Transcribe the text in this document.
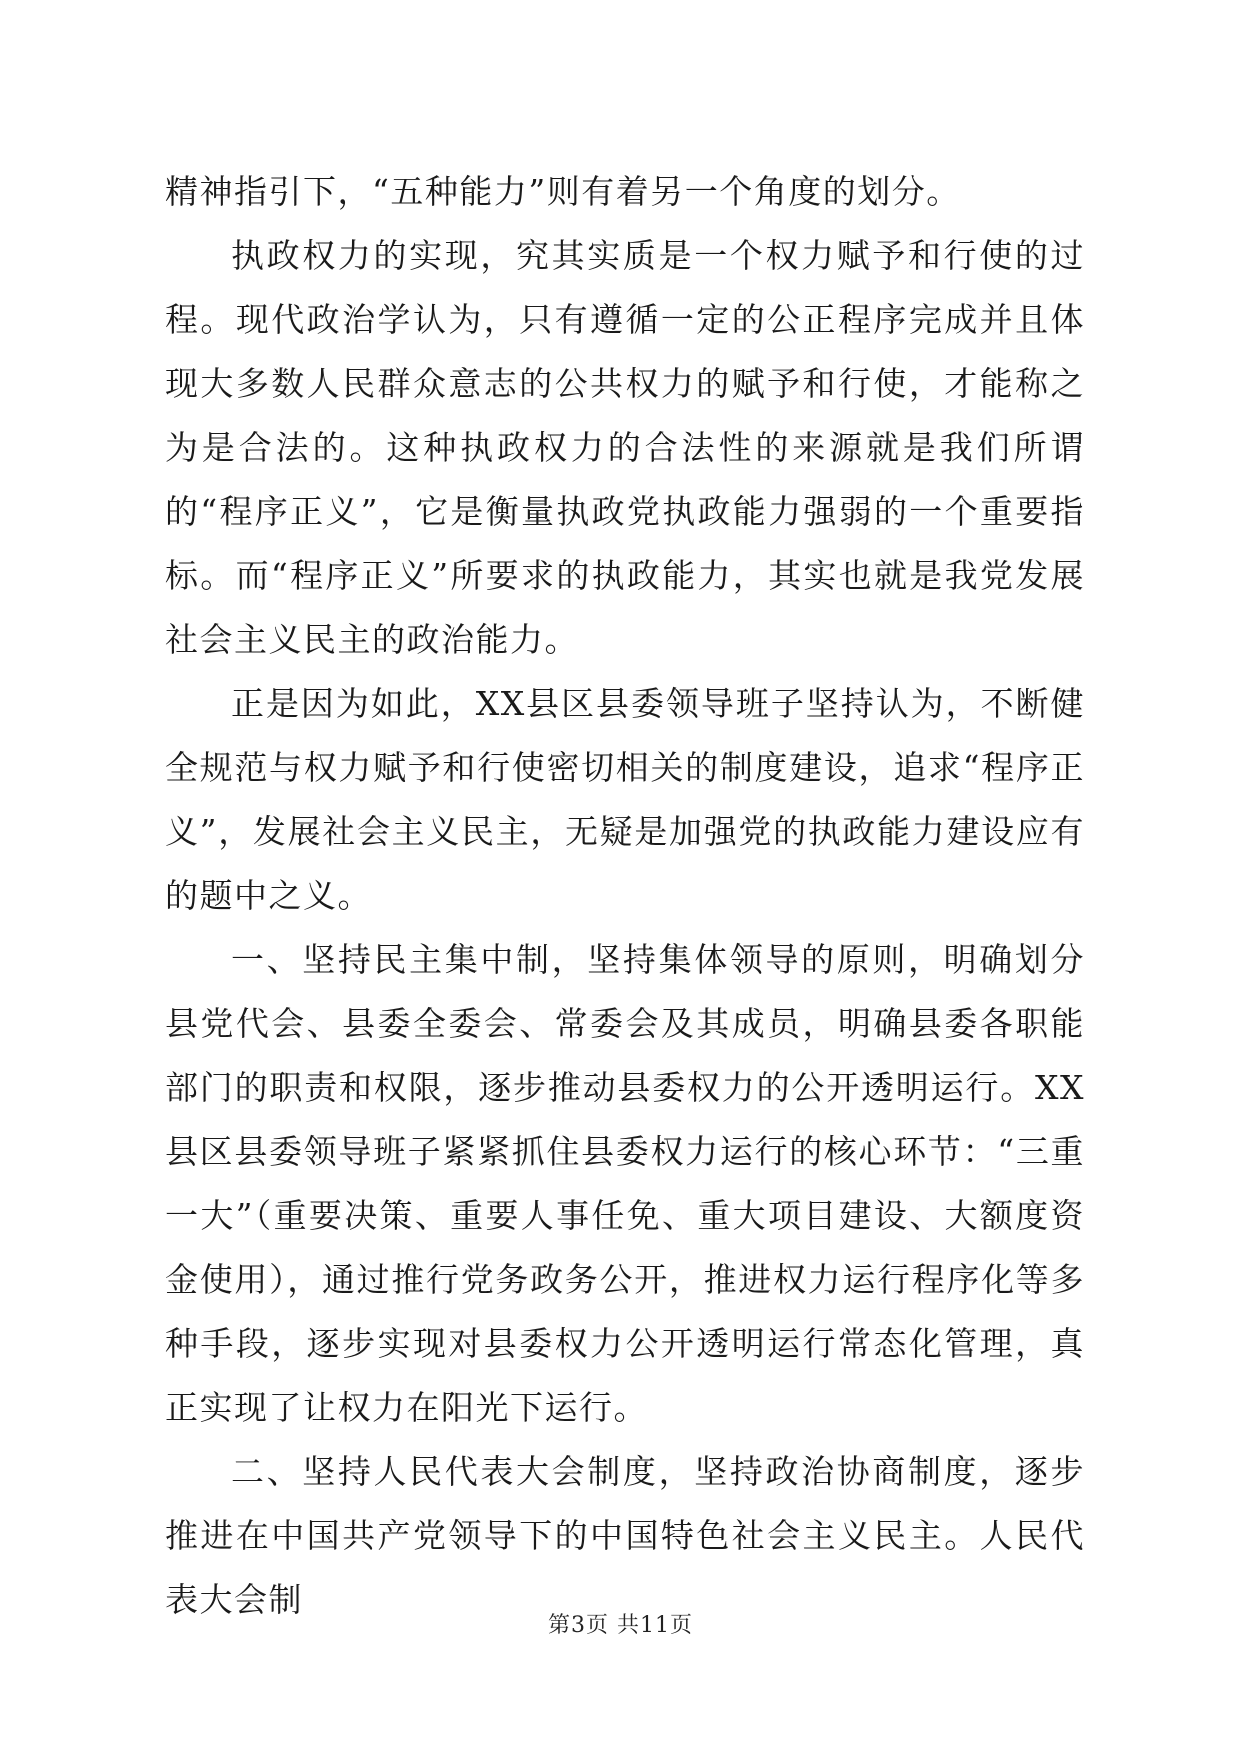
精神指引下，“五种能力”则有着另一个角度的划分。

执政权力的实现，究其实质是一个权力赋予和行使的过程。现代政治学认为，只有遵循一定的公正程序完成并且体现大多数人民群众意志的公共权力的赋予和行使，才能称之为是合法的。这种执政权力的合法性的来源就是我们所谓的“程序正义”，它是衡量执政党执政能力强弱的一个重要指标。而“程序正义”所要求的执政能力，其实也就是我党发展社会主义民主的政治能力。

正是因为如此，XX县区县委领导班子坚持认为，不断健全规范与权力赋予和行使密切相关的制度建设，追求“程序正义”，发展社会主义民主，无疑是加强党的执政能力建设应有的题中之义。

一、坚持民主集中制，坚持集体领导的原则，明确划分县党代会、县委全委会、常委会及其成员，明确县委各职能部门的职责和权限，逐步推动县委权力的公开透明运行。XX县区县委领导班子紧紧抓住县委权力运行的核心环节：“三重一大”（重要决策、重要人事任免、重大项目建设、大额度资金使用），通过推行党务政务公开，推进权力运行程序化等多种手段，逐步实现对县委权力公开透明运行常态化管理，真正实现了让权力在阳光下运行。

二、坚持人民代表大会制度，坚持政治协商制度，逐步推进在中国共产党领导下的中国特色社会主义民主。人民代表大会制

第3页 共11页
